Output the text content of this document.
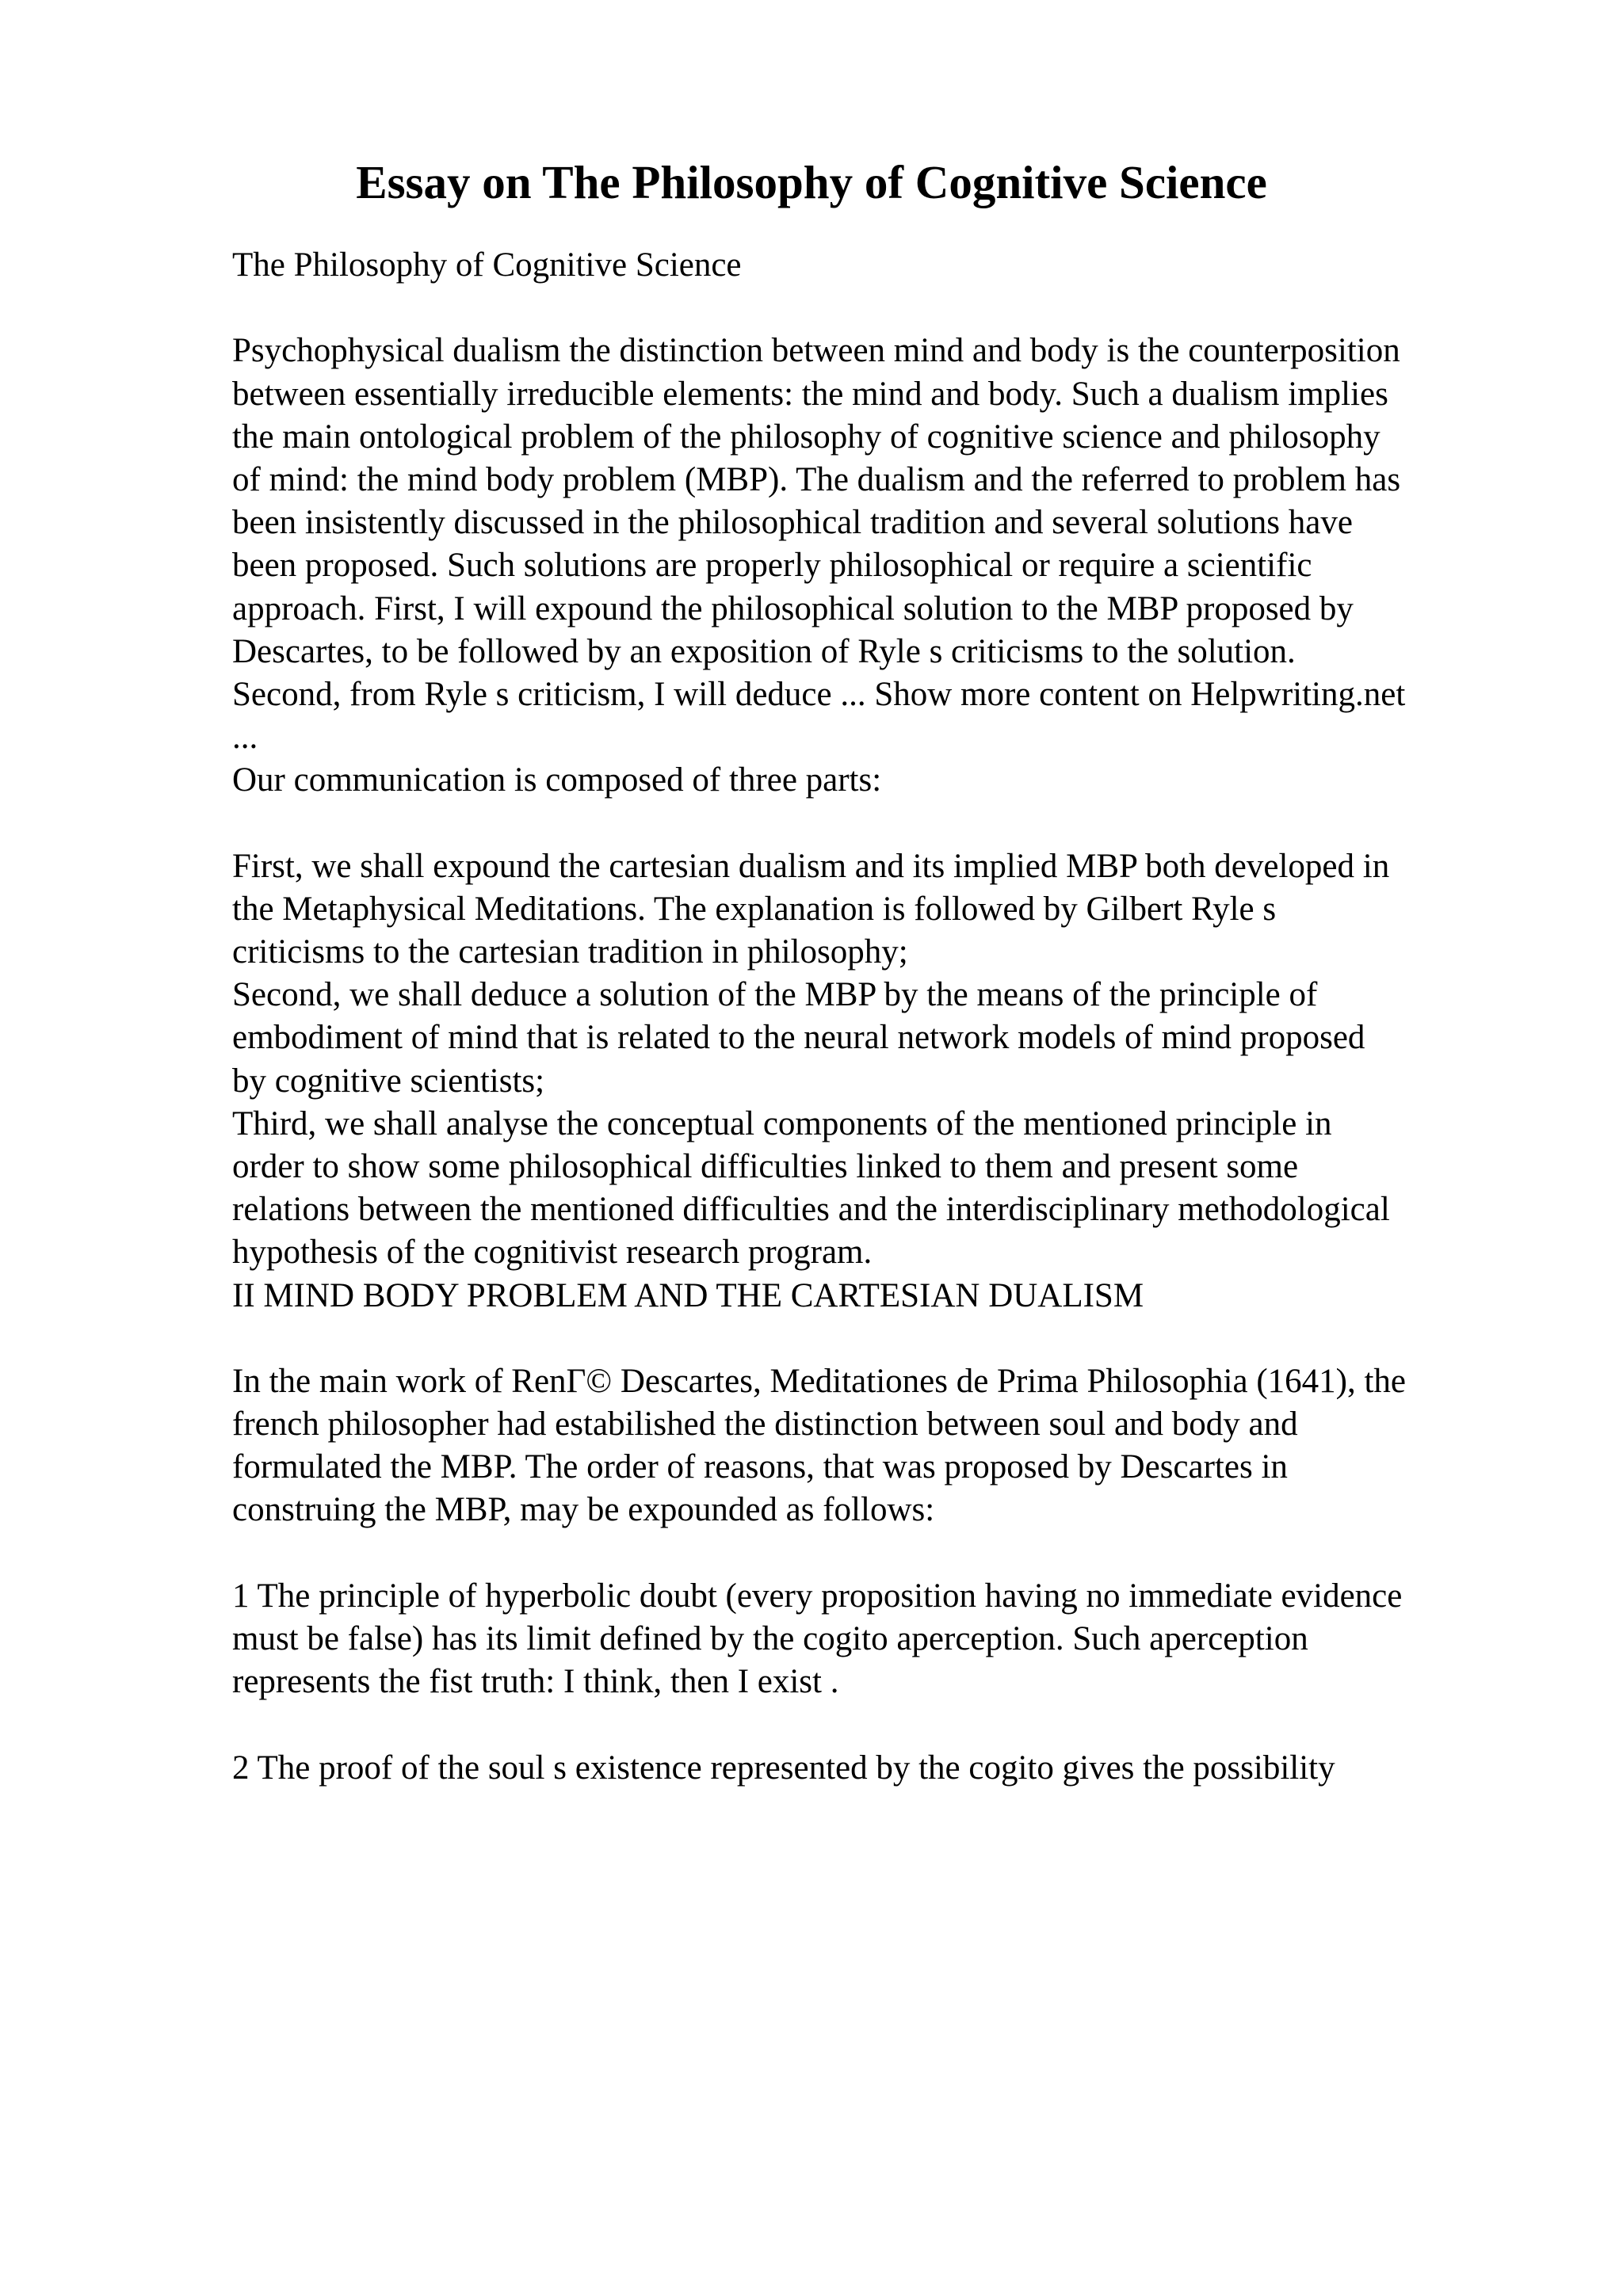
Essay on The Philosophy of Cognitive Science
The Philosophy of Cognitive Science
Psychophysical dualism the distinction between mind and body is the counterposition
between essentially irreducible elements: the mind and body. Such a dualism implies
the main ontological problem of the philosophy of cognitive science and philosophy
of mind: the mind body problem (MBP). The dualism and the referred to problem has
been insistently discussed in the philosophical tradition and several solutions have
been proposed. Such solutions are properly philosophical or require a scientific
approach. First, I will expound the philosophical solution to the MBP proposed by
Descartes, to be followed by an exposition of Ryle s criticisms to the solution.
Second, from Ryle s criticism, I will deduce ... Show more content on Helpwriting.net
...
Our communication is composed of three parts:
First, we shall expound the cartesian dualism and its implied MBP both developed in
the Metaphysical Meditations. The explanation is followed by Gilbert Ryle s
criticisms to the cartesian tradition in philosophy;
Second, we shall deduce a solution of the MBP by the means of the principle of
embodiment of mind that is related to the neural network models of mind proposed
by cognitive scientists;
Third, we shall analyse the conceptual components of the mentioned principle in
order to show some philosophical difficulties linked to them and present some
relations between the mentioned difficulties and the interdisciplinary methodological
hypothesis of the cognitivist research program.
II MIND BODY PROBLEM AND THE CARTESIAN DUALISM
In the main work of RenΓ© Descartes, Meditationes de Prima Philosophia (1641), the
french philosopher had estabilished the distinction between soul and body and
formulated the MBP. The order of reasons, that was proposed by Descartes in
construing the MBP, may be expounded as follows:
1 The principle of hyperbolic doubt (every proposition having no immediate evidence
must be false) has its limit defined by the cogito aperception. Such aperception
represents the fist truth: I think, then I exist .
2 The proof of the soul s existence represented by the cogito gives the possibility
